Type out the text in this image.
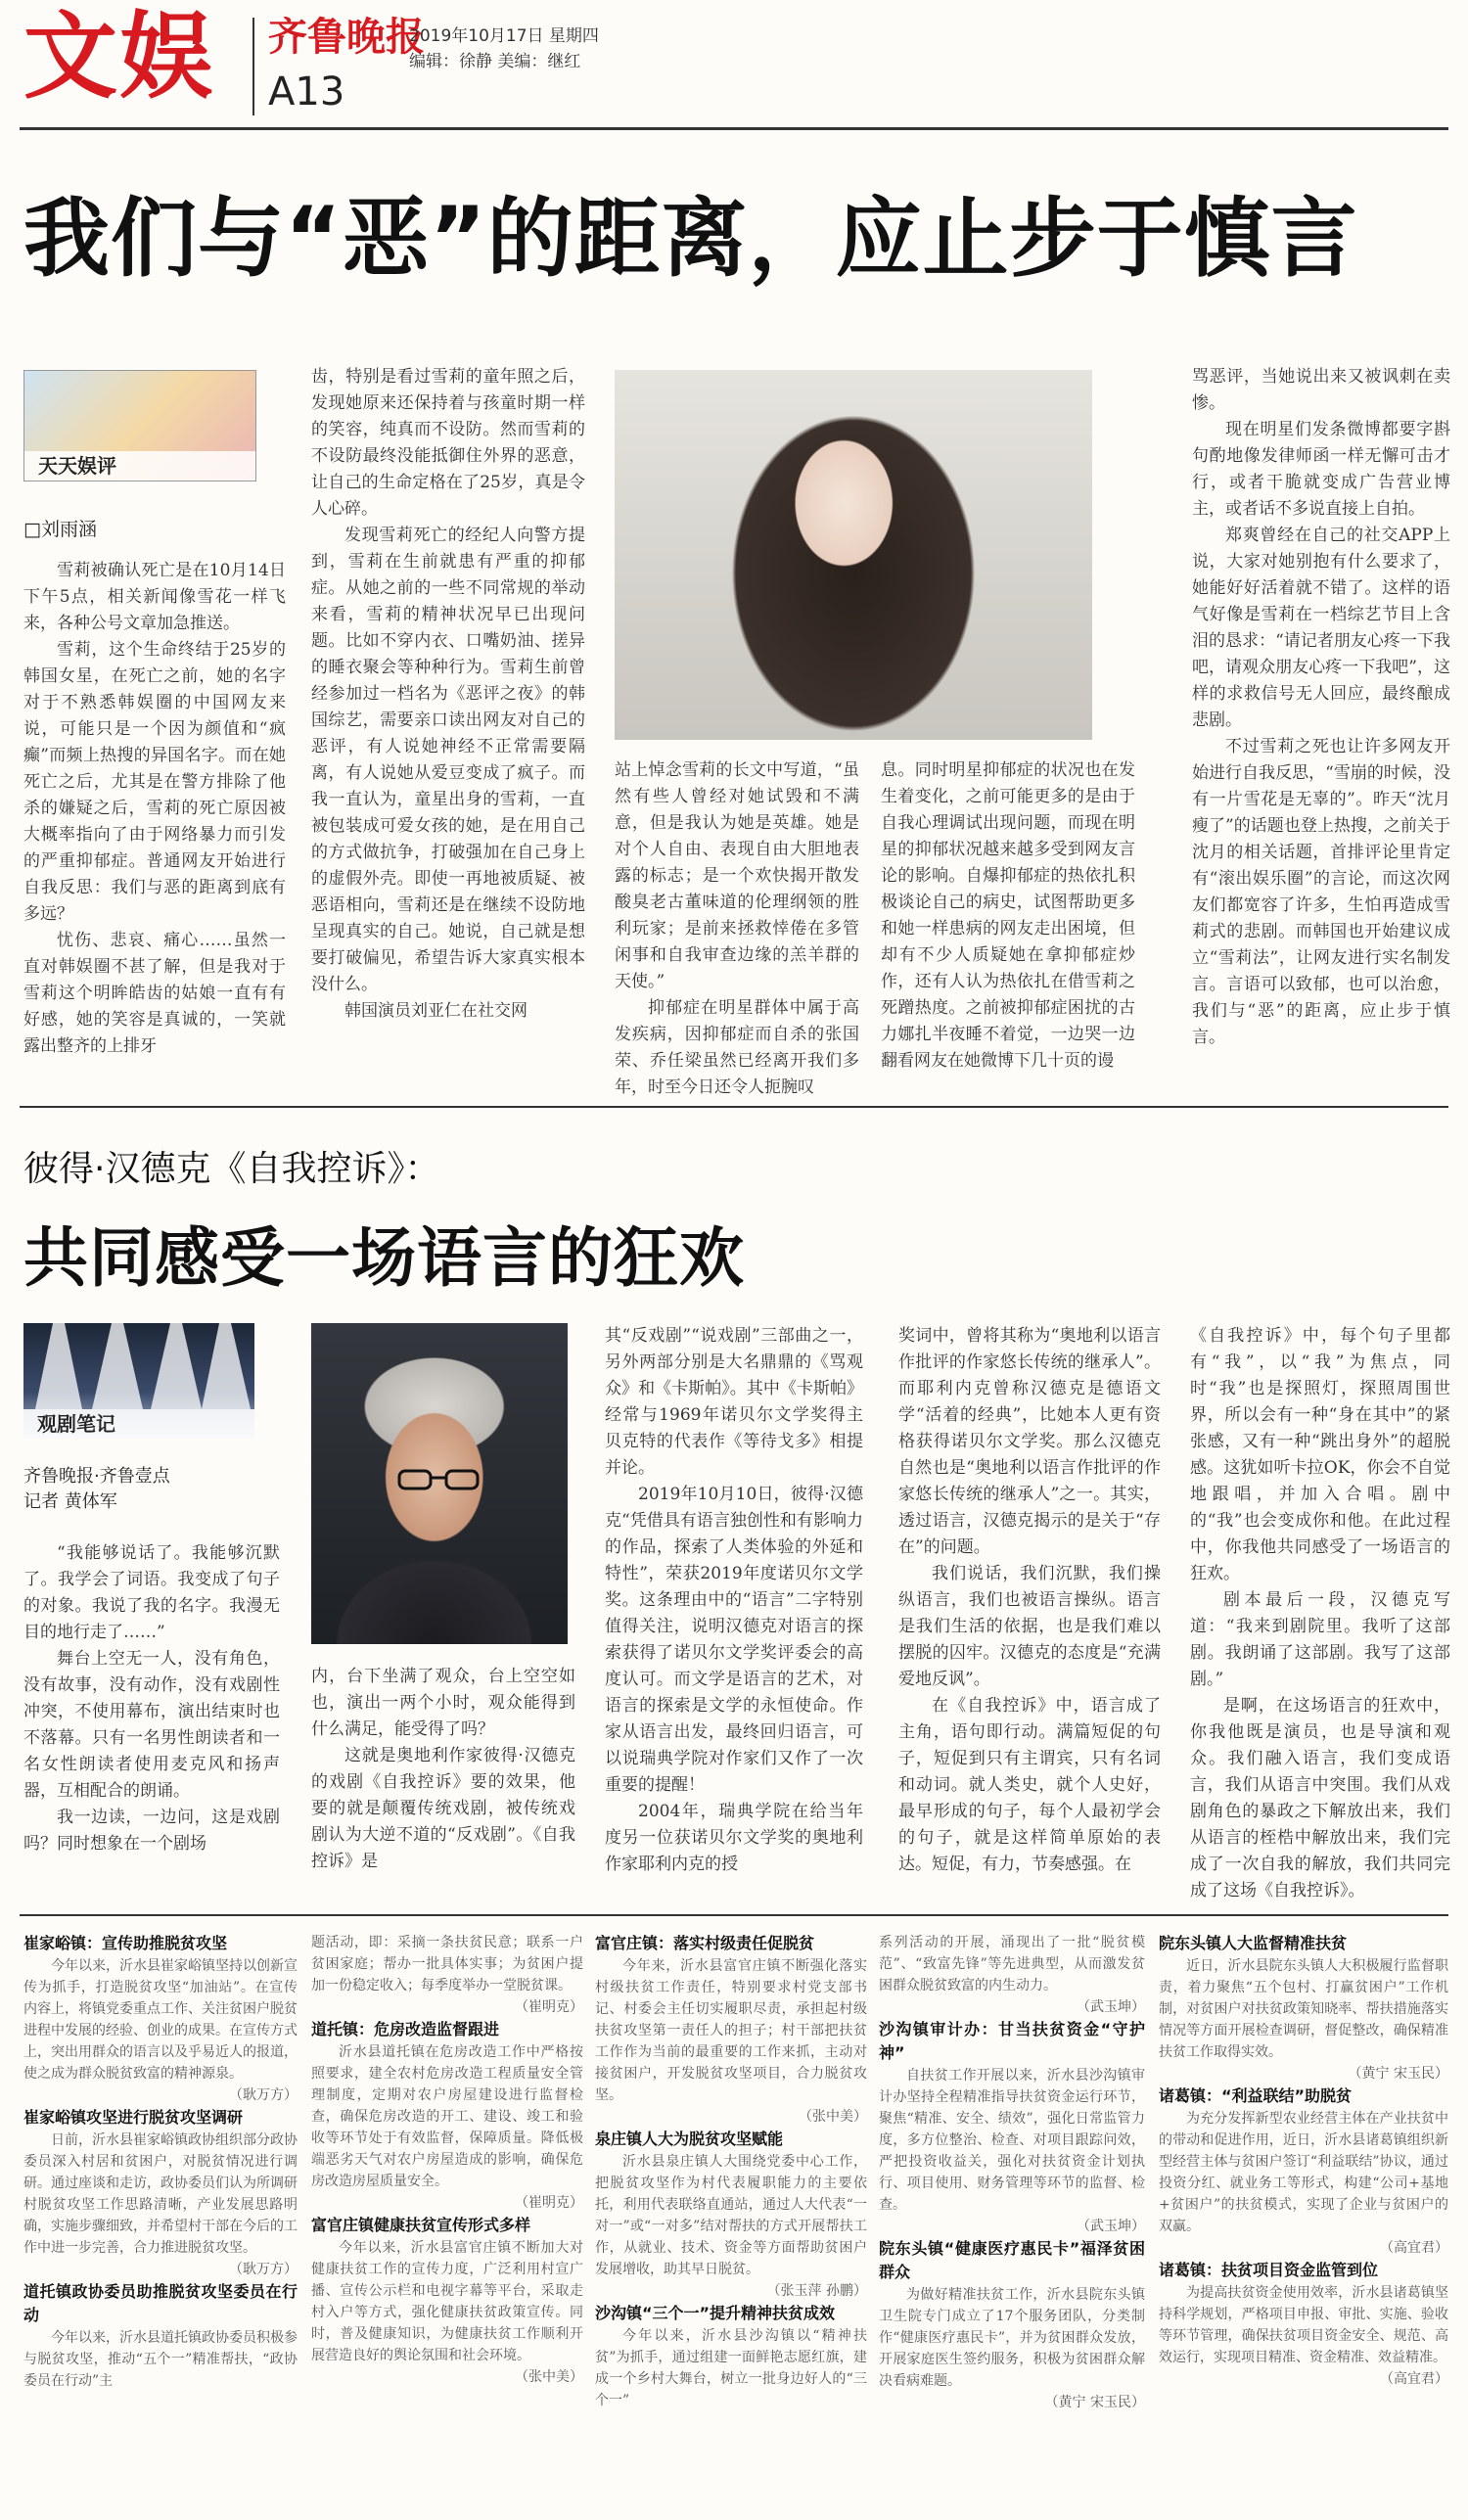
文娱 齐鲁晚报
A13
2019年10月17日 星期四
编辑：徐静 美编：继红
我们与“恶”的距离，应止步于慎言
天天娱评
□刘雨涵

雪莉被确认死亡是在10月14日下午5点，相关新闻像雪花一样飞来，各种公号文章加急推送。

雪莉，这个生命终结于25岁的韩国女星，在死亡之前，她的名字对于不熟悉韩娱圈的中国网友来说，可能只是一个因为颜值和“疯癫”而频上热搜的异国名字。而在她死亡之后，尤其是在警方排除了他杀的嫌疑之后，雪莉的死亡原因被大概率指向了由于网络暴力而引发的严重抑郁症。普通网友开始进行自我反思：我们与恶的距离到底有多远？

忧伤、悲哀、痛心……虽然一直对韩娱圈不甚了解，但是我对于雪莉这个明眸皓齿的姑娘一直有有好感，她的笑容是真诚的，一笑就露出整齐的上排牙

齿，特别是看过雪莉的童年照之后，发现她原来还保持着与孩童时期一样的笑容，纯真而不设防。然而雪莉的不设防最终没能抵御住外界的恶意，让自己的生命定格在了25岁，真是令人心碎。

发现雪莉死亡的经纪人向警方提到，雪莉在生前就患有严重的抑郁症。从她之前的一些不同常规的举动来看，雪莉的精神状况早已出现问题。比如不穿内衣、口嘴奶油、搓异的睡衣聚会等种种行为。雪莉生前曾经参加过一档名为《恶评之夜》的韩国综艺，需要亲口读出网友对自己的恶评，有人说她神经不正常需要隔离，有人说她从爱豆变成了疯子。而我一直认为，童星出身的雪莉，一直被包装成可爱女孩的她，是在用自己的方式做抗争，打破强加在自己身上的虚假外壳。即使一再地被质疑、被恶语相向，雪莉还是在继续不设防地呈现真实的自己。她说，自己就是想要打破偏见，希望告诉大家真实根本没什么。

韩国演员刘亚仁在社交网

站上悼念雪莉的长文中写道，“虽然有些人曾经对她试毁和不满意，但是我认为她是英雄。她是对个人自由、表现自由大胆地表露的标志；是一个欢快揭开散发酸臭老古董味道的伦理纲领的胜利玩家；是前来拯救悻倦在多管闲事和自我审查边缘的羔羊群的天使。”

抑郁症在明星群体中属于高发疾病，因抑郁症而自杀的张国荣、乔任梁虽然已经离开我们多年，时至今日还令人扼腕叹

息。同时明星抑郁症的状况也在发生着变化，之前可能更多的是由于自我心理调试出现问题，而现在明星的抑郁状况越来越多受到网友言论的影响。自爆抑郁症的热依扎积极谈论自己的病史，试图帮助更多和她一样患病的网友走出困境，但却有不少人质疑她在拿抑郁症炒作，还有人认为热依扎在借雪莉之死蹭热度。之前被抑郁症困扰的古力娜扎半夜睡不着觉，一边哭一边翻看网友在她微博下几十页的谩

骂恶评，当她说出来又被讽刺在卖惨。

现在明星们发条微博都要字斟句酌地像发律师函一样无懈可击才行，或者干脆就变成广告营业博主，或者话不多说直接上自拍。

郑爽曾经在自己的社交APP上说，大家对她别抱有什么要求了，她能好好活着就不错了。这样的语气好像是雪莉在一档综艺节目上含泪的恳求：“请记者朋友心疼一下我吧，请观众朋友心疼一下我吧”，这样的求救信号无人回应，最终酿成悲剧。

不过雪莉之死也让许多网友开始进行自我反思，“雪崩的时候，没有一片雪花是无辜的”。昨天“沈月瘦了”的话题也登上热搜，之前关于沈月的相关话题，首排评论里肯定有“滚出娱乐圈”的言论，而这次网友们都宽容了许多，生怕再造成雪莉式的悲剧。而韩国也开始建议成立“雪莉法”，让网友进行实名制发言。言语可以致郁，也可以治愈，我们与“恶”的距离，应止步于慎言。

彼得·汉德克《自我控诉》：
共同感受一场语言的狂欢
观剧笔记
齐鲁晚报·齐鲁壹点
记者 黄体军

“我能够说话了。我能够沉默了。我学会了词语。我变成了句子的对象。我说了我的名字。我漫无目的地行走了……”

舞台上空无一人，没有角色，没有故事，没有动作，没有戏剧性冲突，不使用幕布，演出结束时也不落幕。只有一名男性朗读者和一名女性朗读者使用麦克风和扬声器，互相配合的朗诵。

我一边读，一边问，这是戏剧吗？同时想象在一个剧场

内，台下坐满了观众，台上空空如也，演出一两个小时，观众能得到什么满足，能受得了吗？

这就是奥地利作家彼得·汉德克的戏剧《自我控诉》要的效果，他要的就是颠覆传统戏剧，被传统戏剧认为大逆不道的“反戏剧”。《自我控诉》是

其“反戏剧”“说戏剧”三部曲之一，另外两部分别是大名鼎鼎的《骂观众》和《卡斯帕》。其中《卡斯帕》经常与1969年诺贝尔文学奖得主贝克特的代表作《等待戈多》相提并论。

2019年10月10日，彼得·汉德克“凭借具有语言独创性和有影响力的作品，探索了人类体验的外延和特性”，荣获2019年度诺贝尔文学奖。这条理由中的“语言”二字特别值得关注，说明汉德克对语言的探索获得了诺贝尔文学奖评委会的高度认可。而文学是语言的艺术，对语言的探索是文学的永恒使命。作家从语言出发，最终回归语言，可以说瑞典学院对作家们又作了一次重要的提醒！

2004年，瑞典学院在给当年度另一位获诺贝尔文学奖的奥地利作家耶利内克的授

奖词中，曾将其称为“奥地利以语言作批评的作家悠长传统的继承人”。而耶利内克曾称汉德克是德语文学“活着的经典”，比她本人更有资格获得诺贝尔文学奖。那么汉德克自然也是“奥地利以语言作批评的作家悠长传统的继承人”之一。其实，透过语言，汉德克揭示的是关于“存在”的问题。

我们说话，我们沉默，我们操纵语言，我们也被语言操纵。语言是我们生活的依据，也是我们难以摆脱的囚牢。汉德克的态度是“充满爱地反讽”。

在《自我控诉》中，语言成了主角，语句即行动。满篇短促的句子，短促到只有主谓宾，只有名词和动词。就人类史，就个人史好，最早形成的句子，每个人最初学会的句子，就是这样简单原始的表达。短促，有力，节奏感强。在

《自我控诉》中，每个句子里都有“我”，以“我”为焦点，同时“我”也是探照灯，探照周围世界，所以会有一种“身在其中”的紧张感，又有一种“跳出身外”的超脱感。这犹如听卡拉OK，你会不自觉地跟唱，并加入合唱。剧中的“我”也会变成你和他。在此过程中，你我他共同感受了一场语言的狂欢。

剧本最后一段，汉德克写道：“我来到剧院里。我听了这部剧。我朗诵了这部剧。我写了这部剧。”

是啊，在这场语言的狂欢中，你我他既是演员，也是导演和观众。我们融入语言，我们变成语言，我们从语言中突围。我们从戏剧角色的暴政之下解放出来，我们从语言的桎梏中解放出来，我们完成了一次自我的解放，我们共同完成了这场《自我控诉》。

崔家峪镇：宣传助推脱贫攻坚

今年以来，沂水县崔家峪镇坚持以创新宣传为抓手，打造脱贫攻坚“加油站”。在宣传内容上，将镇党委重点工作、关注贫困户脱贫进程中发展的经验、创业的成果。在宣传方式上，突出用群众的语言以及乎易近人的报道，使之成为群众脱贫致富的精神源泉。

（耿万方）
崔家峪镇攻坚进行脱贫攻坚调研

日前，沂水县崔家峪镇政协组织部分政协委员深入村居和贫困户，对脱贫情况进行调研。通过座谈和走访，政协委员们认为所调研村脱贫攻坚工作思路清晰，产业发展思路明确，实施步骤细致，并希望村干部在今后的工作中进一步完善，合力推进脱贫攻坚。

（耿万方）
道托镇政协委员助推脱贫攻坚委员在行动

今年以来，沂水县道托镇政协委员积极参与脱贫攻坚，推动“五个一”精准帮扶，“政协委员在行动”主

题活动，即：采摘一条扶贫民意；联系一户贫困家庭；帮办一批具体实事；为贫困户提加一份稳定收入；每季度举办一堂脱贫课。

（崔明克）
道托镇：危房改造监督跟进

沂水县道托镇在危房改造工作中严格按照要求，建全农村危房改造工程质量安全管理制度，定期对农户房屋建设进行监督检查，确保危房改造的开工、建设、竣工和验收等环节处于有效监督，保障质量。降低极端恶劣天气对农户房屋造成的影响，确保危房改造房屋质量安全。

（崔明克）
富官庄镇健康扶贫宣传形式多样

今年以来，沂水县富官庄镇不断加大对健康扶贫工作的宣传力度，广泛利用村宣广播、宣传公示栏和电视字幕等平台，采取走村入户等方式，强化健康扶贫政策宣传。同时，普及健康知识，为健康扶贫工作顺利开展营造良好的舆论氛围和社会环境。

（张中美）
富官庄镇：落实村级责任促脱贫

今年来，沂水县富官庄镇不断强化落实村级扶贫工作责任，特别要求村党支部书记、村委会主任切实履职尽责，承担起村级扶贫攻坚第一责任人的担子；村干部把扶贫工作作为当前的最重要的工作来抓，主动对接贫困户，开发脱贫攻坚项目，合力脱贫攻坚。

（张中美）
泉庄镇人大为脱贫攻坚赋能

沂水县泉庄镇人大围绕党委中心工作，把脱贫攻坚作为村代表履职能力的主要依托，利用代表联络直通站，通过人大代表“一对一”或“一对多”结对帮扶的方式开展帮扶工作，从就业、技术、资金等方面帮助贫困户发展增收，助其早日脱贫。

（张玉萍 孙鹏）
沙沟镇“三个一”提升精神扶贫成效

今年以来，沂水县沙沟镇以“精神扶贫”为抓手，通过组建一面鲜艳志愿红旗，建成一个乡村大舞台，树立一批身边好人的“三个一”

系列活动的开展，涌现出了一批“脱贫模范”、“致富先锋”等先进典型，从而激发贫困群众脱贫致富的内生动力。

（武玉坤）
沙沟镇审计办：甘当扶贫资金“守护神”

自扶贫工作开展以来，沂水县沙沟镇审计办坚持全程精准指导扶贫资金运行环节，聚焦“精准、安全、绩效”，强化日常监管力度，多方位整治、检查、对项目跟踪问效，严把投资收益关，强化对扶贫资金计划执行、项目使用、财务管理等环节的监督、检查。

（武玉坤）
院东头镇“健康医疗惠民卡”福泽贫困群众

为做好精准扶贫工作，沂水县院东头镇卫生院专门成立了17个服务团队，分类制作“健康医疗惠民卡”，并为贫困群众发放，开展家庭医生签约服务，积极为贫困群众解决看病难题。

（黄宁 宋玉民）
院东头镇人大监督精准扶贫

近日，沂水县院东头镇人大积极履行监督职责，着力聚焦“五个包村、打赢贫困户”工作机制，对贫困户对扶贫政策知晓率、帮扶措施落实情况等方面开展检查调研，督促整改，确保精准扶贫工作取得实效。

（黄宁 宋玉民）
诸葛镇：“利益联结”助脱贫

为充分发挥新型农业经营主体在产业扶贫中的带动和促进作用，近日，沂水县诸葛镇组织新型经营主体与贫困户签订“利益联结”协议，通过投资分红、就业务工等形式，构建“公司+基地+贫困户”的扶贫模式，实现了企业与贫困户的双赢。

（高宜君）
诸葛镇：扶贫项目资金监管到位

为提高扶贫资金使用效率，沂水县诸葛镇坚持科学规划，严格项目申报、审批、实施、验收等环节管理，确保扶贫项目资金安全、规范、高效运行，实现项目精准、资金精准、效益精准。

（高宜君）
